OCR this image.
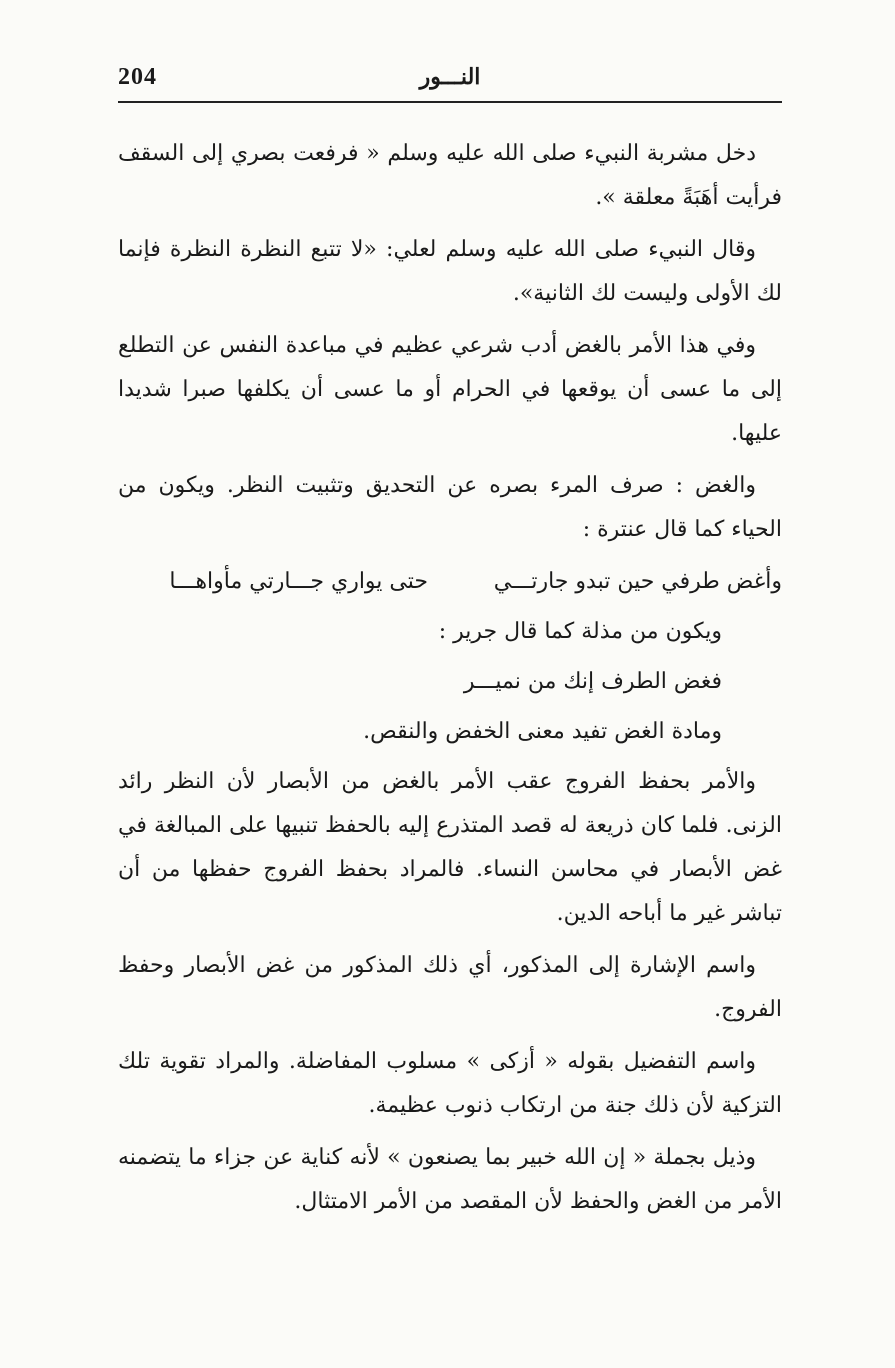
204	النـــور

دخل مشربة النبيء صلى الله عليه وسلم « فرفعت بصري إلى السقف فرأيت أهَبَةً معلقة ».

وقال النبيء صلى الله عليه وسلم لعلي: «لا تتبع النظرة النظرة فإنما لك الأولى وليست لك الثانية».

وفي هذا الأمر بالغض أدب شرعي عظيم في مباعدة النفس عن التطلع إلى ما عسى أن يوقعها في الحرام أو ما عسى أن يكلفها صبرا شديدا عليها.

والغض : صرف المرء بصره عن التحديق وتثبيت النظر. ويكون من الحياء كما قال عنترة :

وأغض طرفي حين تبدو جارتـــي
حتى يواري جـــارتي مأواهـــا

ويكون من مذلة كما قال جرير :

فغض الطرف إنك من نميـــر

ومادة الغض تفيد معنى الخفض والنقص.

والأمر بحفظ الفروج عقب الأمر بالغض من الأبصار لأن النظر رائد الزنى. فلما كان ذريعة له قصد المتذرع إليه بالحفظ تنبيها على المبالغة في غض الأبصار في محاسن النساء. فالمراد بحفظ الفروج حفظها من أن تباشر غير ما أباحه الدين.

واسم الإشارة إلى المذكور، أي ذلك المذكور من غض الأبصار وحفظ الفروج.

واسم التفضيل بقوله « أزكى » مسلوب المفاضلة. والمراد تقوية تلك التزكية لأن ذلك جنة من ارتكاب ذنوب عظيمة.

وذيل بجملة « إن الله خبير بما يصنعون » لأنه كناية عن جزاء ما يتضمنه الأمر من الغض والحفظ لأن المقصد من الأمر الامتثال.
